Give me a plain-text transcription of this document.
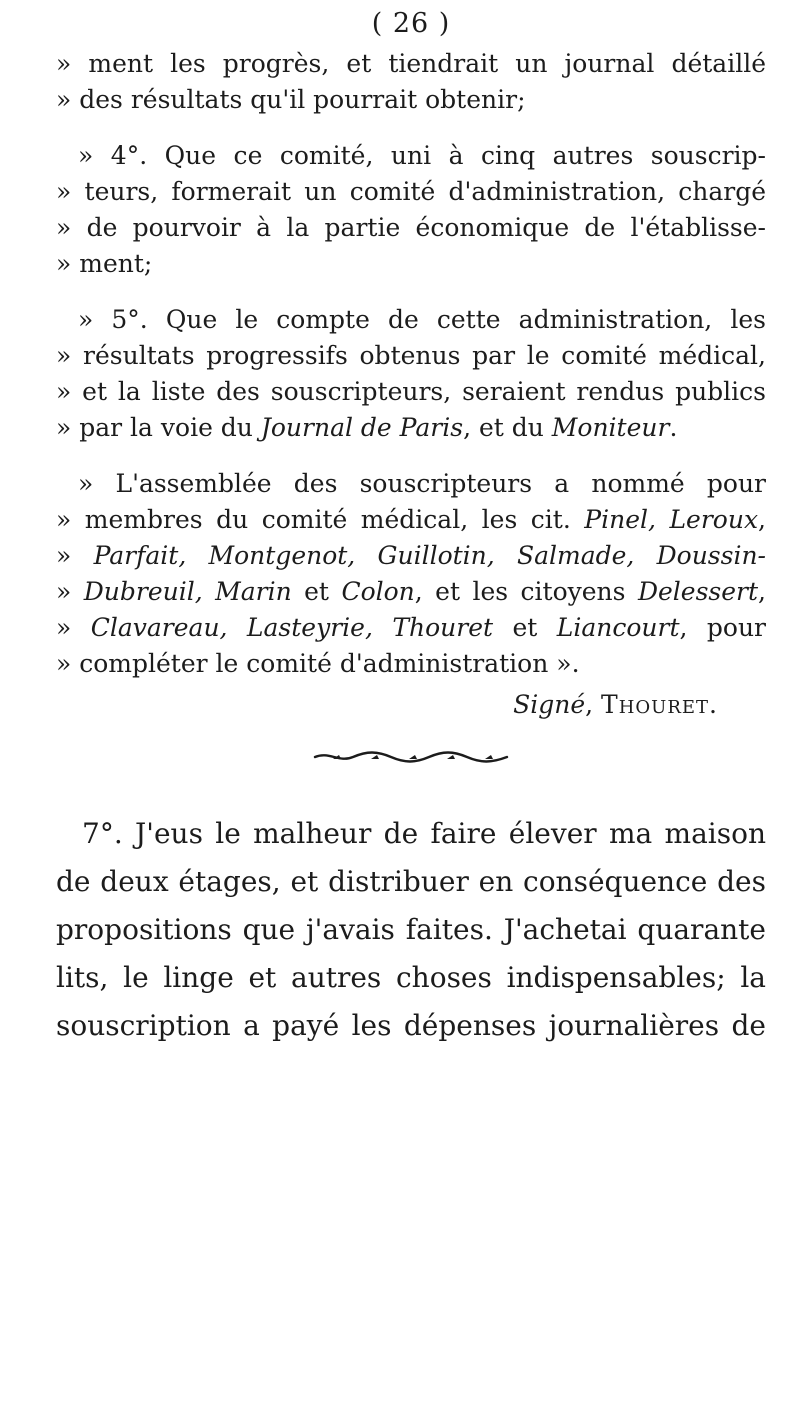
( 26 )

» ment les progrès, et tiendrait un journal détaillé

» des résultats qu'il pourrait obtenir;

» 4°. Que ce comité, uni à cinq autres souscrip-

» teurs, formerait un comité d'administration, chargé

» de pourvoir à la partie économique de l'établisse-

» ment;

» 5°. Que le compte de cette administration, les

» résultats progressifs obtenus par le comité médical,

» et la liste des souscripteurs, seraient rendus publics

» par la voie du Journal de Paris, et du Moniteur.

» L'assemblée des souscripteurs a nommé pour

» membres du comité médical, les cit. Pinel, Leroux,

» Parfait, Montgenot, Guillotin, Salmade, Doussin-

» Dubreuil, Marin et Colon, et les citoyens Delessert,

» Clavareau, Lasteyrie, Thouret et Liancourt, pour

» compléter le comité d'administration ».

Signé, Thouret.

7°. J'eus le malheur de faire élever ma maison

de deux étages, et distribuer en conséquence des

propositions que j'avais faites. J'achetai quarante

lits, le linge et autres choses indispensables; la

souscription a payé les dépenses journalières de
